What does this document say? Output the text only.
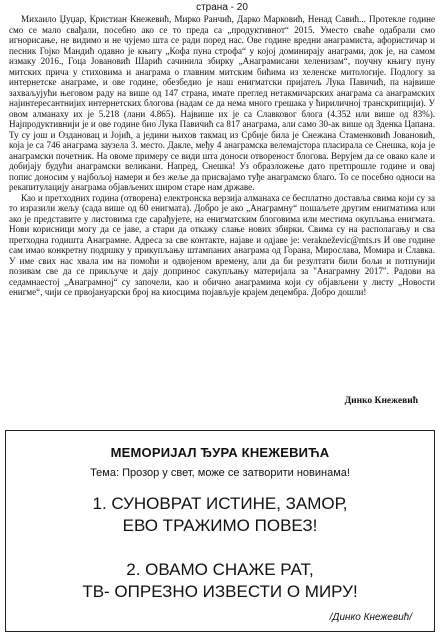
страна - 20

Михаило Џуџар, Кристиан Кнежевић, Мирко Ранчић, Дарко Марковић, Ненад Савић... Протекле године смо се мало свађали, посебно ако се то преда са „продуктивнот“ 2015. Уместо сваће одабрали смо игнорисање, не видимо и не чујемо шта се ради поред нас. Ове године вредни анаграмиста, афористичар и песник Гојко Мандић одавно је књигу „Кофа пуна строфа“ у којој доминирају анаграми, док је, на самом измаку 2016., Гоца Јовановић Шарић сачинила збирку „Анаграмисани хеленизам“, поучну књигу пуну митских прича у стиховима и анаграма о главним митским бићима из хеленске митологије. Подлогу за интернетске анаграме, и ове године, обезбедио је наш енигматски пријатељ Лука Павичић, па највише захваљујући његовом раду на више од 147 страна, имате преглед нетакмичарских анаграма са анаграмских најинтересантнијих интернетских блогова (надам се да нема много грешака у ћириличној транскрипцији). У овом алманаху их је 5.218 (лани 4.865). Највише их је са Славковог блога (4.352 или више од 83%). Најпродуктивнији је и ове године био Лука Павичић са 817 анаграма, али само 30-ак више од Зденка Цапана. Ту су још и Оздановац и Јојић, а једини њихов такмац из Србије била је Снежана Стаменковић Јовановић, која је са 746 анаграма заузела 3. место. Дакле, међу 4 анаграмска велемајстора пласирала се Снешка, која је анаграмски почетник. На овоме примеру се види шта доноси отвореност блогова. Верујем да се овако кале и добијају будући анаграмски великани. Напред, Снешка! Уз образложење дато претпрошле године и овај попис доносим у најбољој намери и без жеље да присвајамо туђе анаграмско благо. То се посебно односи на рекапитулацију анаграма објављених широм старе нам државе.

Као и претходних година (отворена) електронска верзија алманаха се бесплатно доставља свима који су за то изразили жељу (сада више од 60 енигмата). Добро је ако „Анаграмну“ пошаљете другим енигматима или ако је представите у листовима где сарађујете, на енигматским блоговима или местима окупљања енигмата. Нови корисници могу да се јаве, а стари да откажу слање нових збирки. Свима су на располагању и сва претходна годишта Анаграмне. Адреса за све контакте, најаве и одјаве је: verakneževic@mts.rs И ове године сам имао конкретну подршку у прикупљању штампаних анаграма од Горана, Мирослава, Момира и Славка. У име свих нас хвала им на помоћи и одвојеном времену, али да би резултати били бољи и потпунији позивам све да се прикључе и дају допринос сакупљању материјала за "Анаграмну 2017". Радови на седамнаестој „Анаграмној“ су започели, као и обично анаграмима који су објављени у листу „Новости енигме“, чији се првојануарски број на киосцима појављује крајем децембра. Добро дошли!

Динко Кнежевић
МЕМОРИЈАЛ ЂУРА КНЕЖЕВИЋА
Тема: Прозор у свет, може се затворити новинама!
1. СУНОВРАТ ИСТИНЕ, ЗАМОР,
ЕВО ТРАЖИМО ПОВЕЗ!
2. ОВАМО СНАЖЕ РАТ,
ТВ- ОПРЕЗНО ИЗВЕСТИ О МИРУ!
/Динко Кнежевић/
